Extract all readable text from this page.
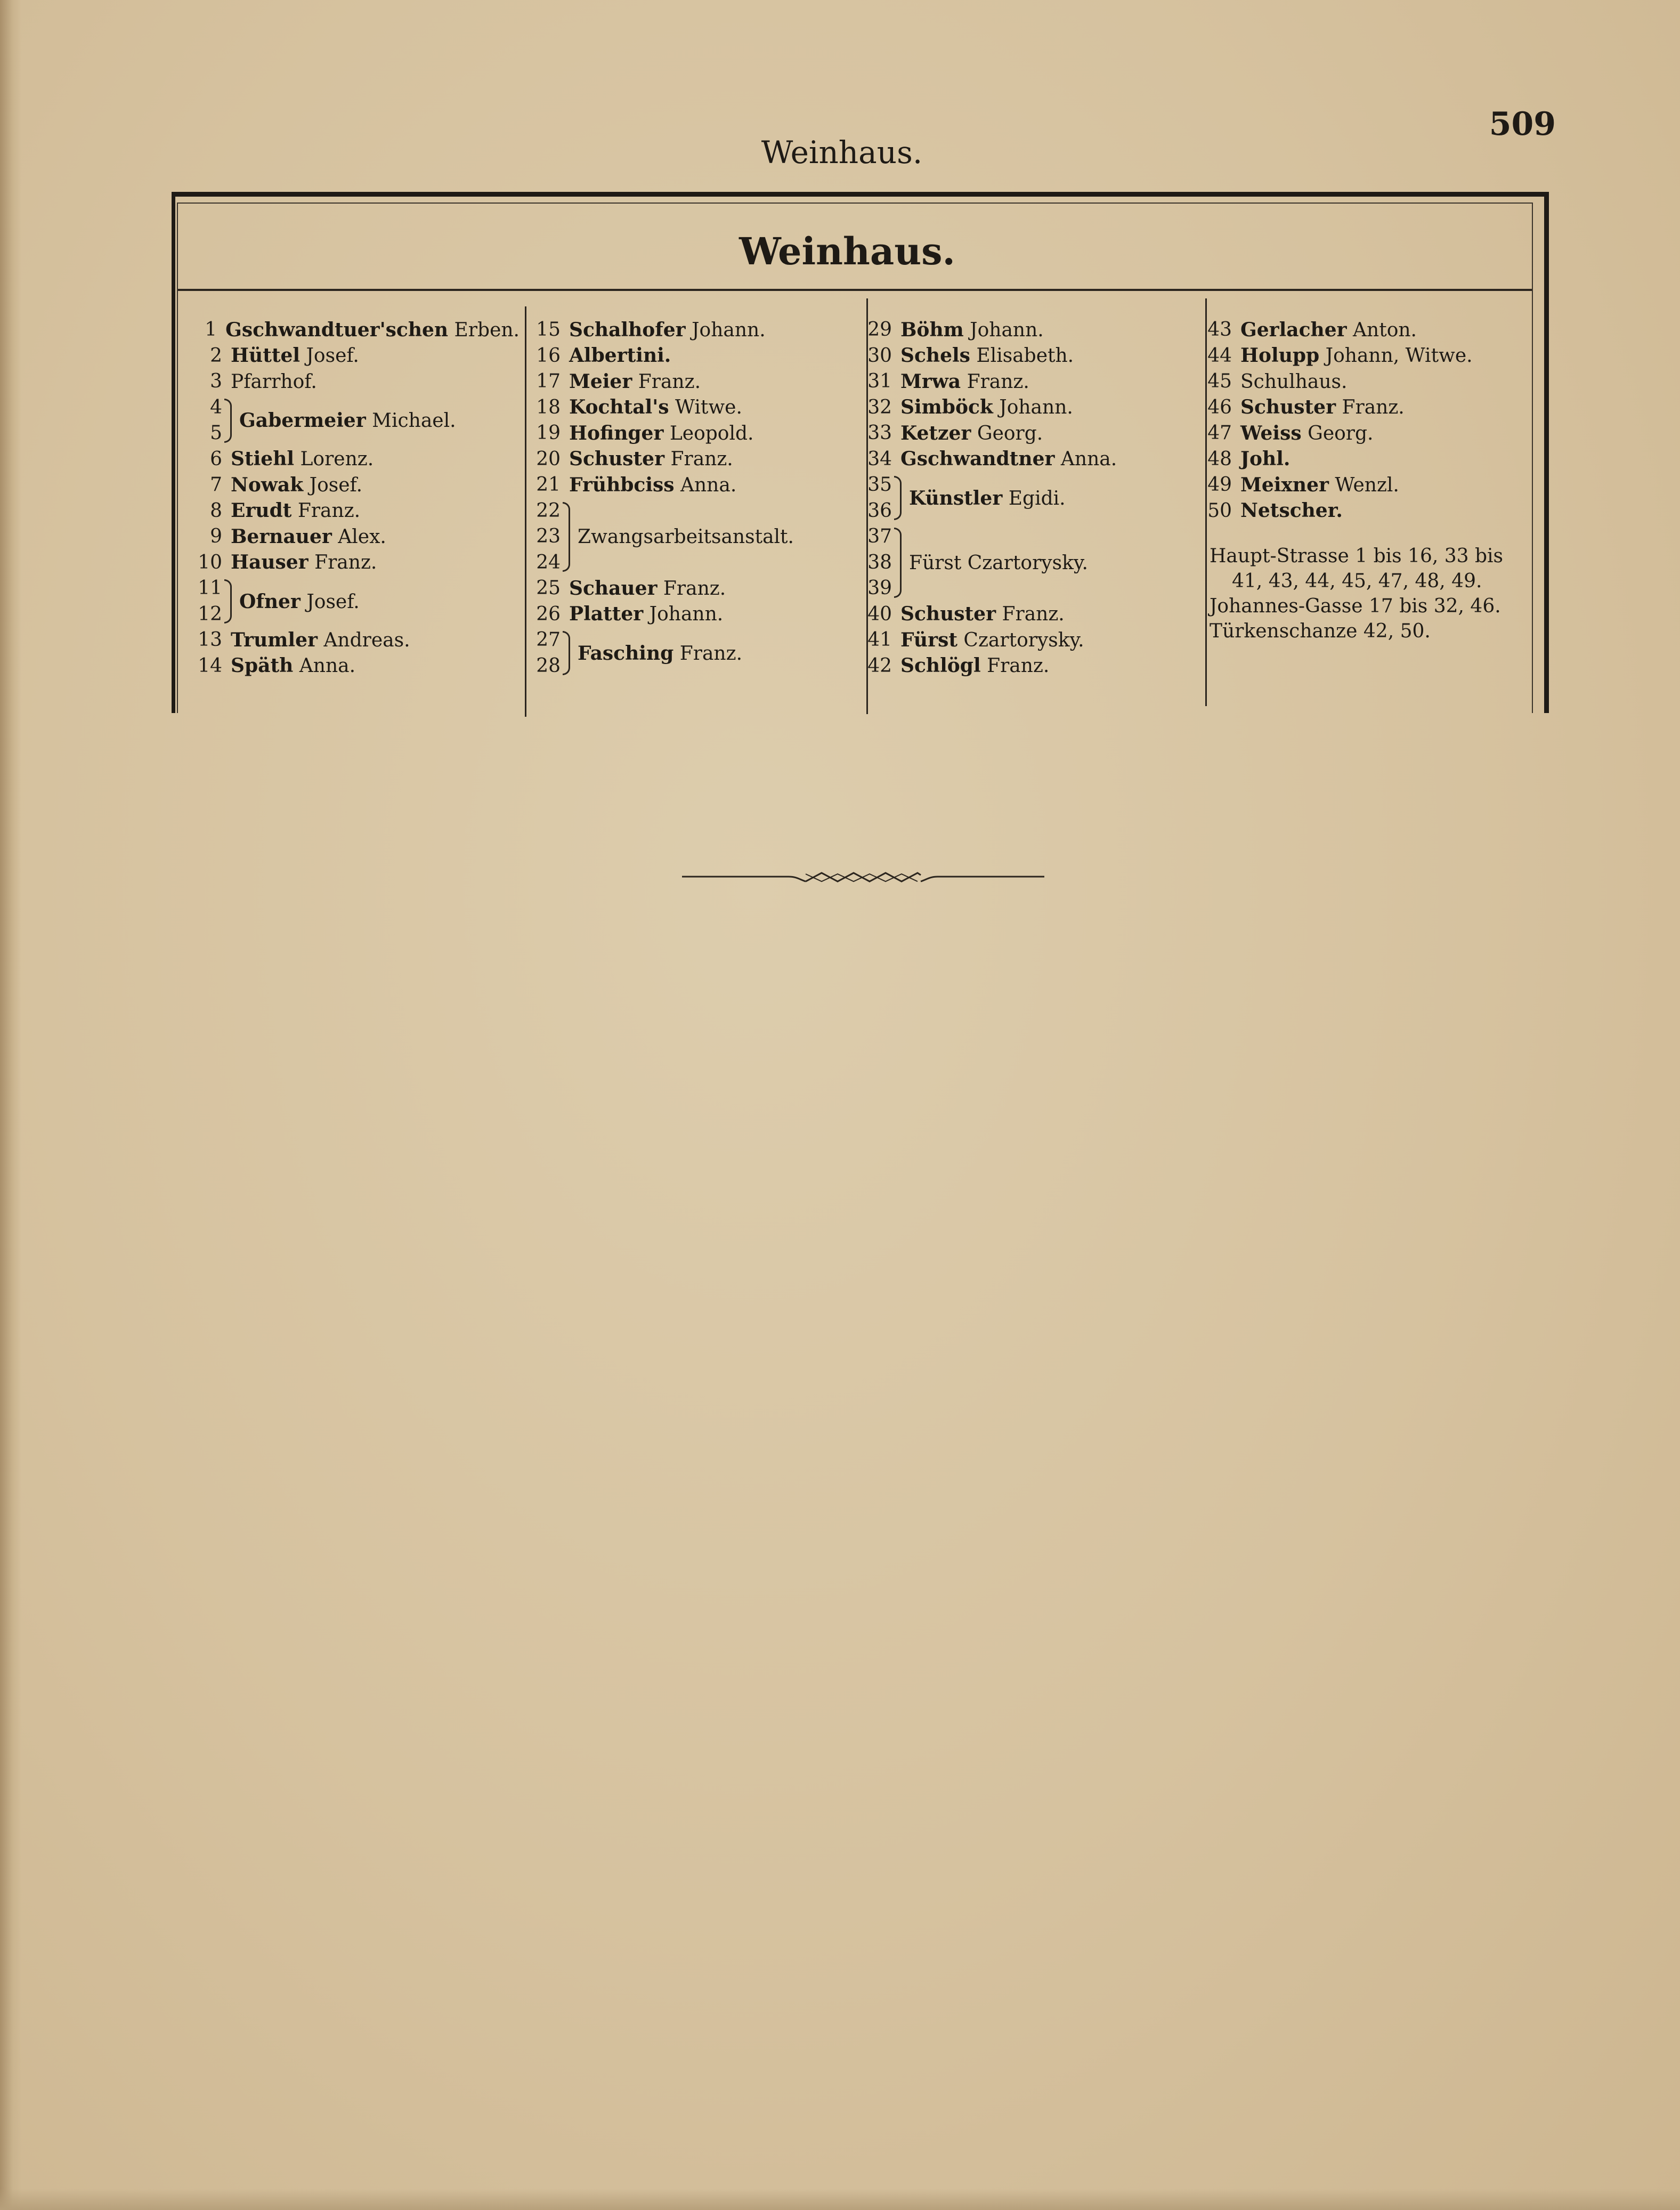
Weinhaus.
509
Weinhaus.
1 Gschwandtuer'schen Erben.
2 Hüttel Josef.
3 Pfarrhof.
4
5
Gabermeier Michael.
6 Stiehl Lorenz.
7 Nowak Josef.
8 Erudt Franz.
9 Bernauer Alex.
10 Hauser Franz.
11
12
Ofner Josef.
13 Trumler Andreas.
14 Späth Anna.
15 Schalhofer Johann.
16 Albertini.
17 Meier Franz.
18 Kochtal's Witwe.
19 Hofinger Leopold.
20 Schuster Franz.
21 Frühbciss Anna.
22
23
24
Zwangsarbeitsanstalt.
25 Schauer Franz.
26 Platter Johann.
27
28
Fasching Franz.
29 Böhm Johann.
30 Schels Elisabeth.
31 Mrwa Franz.
32 Simböck Johann.
33 Ketzer Georg.
34 Gschwandtner Anna.
35
36
Künstler Egidi.
37
38
39
Fürst Czartorysky.
40 Schuster Franz.
41 Fürst Czartorysky.
42 Schlögl Franz.
43 Gerlacher Anton.
44 Holupp Johann, Witwe.
45 Schulhaus.
46 Schuster Franz.
47 Weiss Georg.
48 Johl.
49 Meixner Wenzl.
50 Netscher.
Haupt-Strasse 1 bis 16, 33 bis
41, 43, 44, 45, 47, 48, 49.
Johannes-Gasse 17 bis 32, 46.
Türkenschanze 42, 50.
